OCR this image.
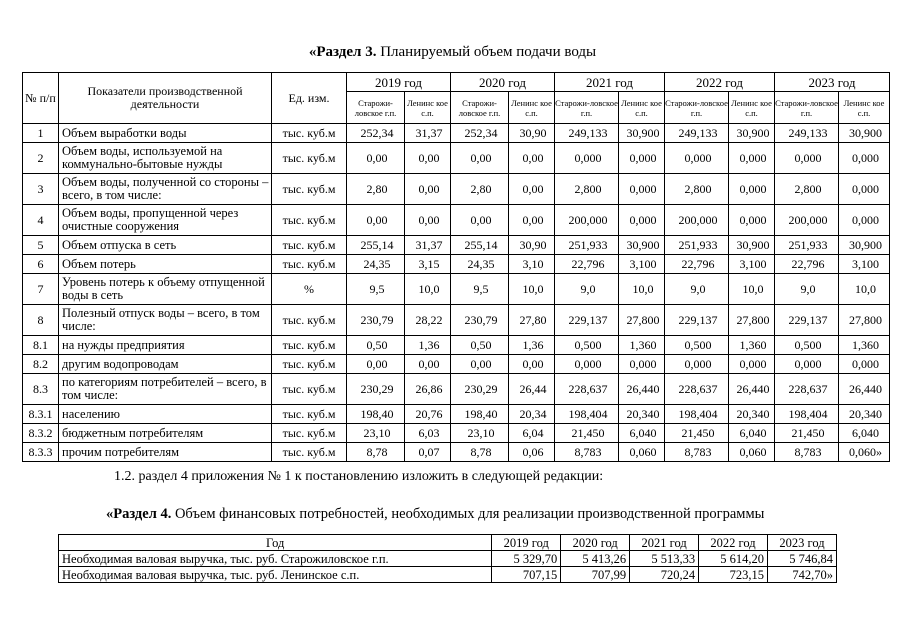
«Раздел 3. Планируемый объем подачи воды
№ п/п	Показатели производственной деятельности	Ед. изм.	2019 год		2020 год		2021 год		2022 год		2023 год	
			Старожи-ловское г.п.	Ленинс кое с.п.	Старожи-ловское г.п.	Ленинс кое с.п.	Старожи-ловское г.п.	Ленинс кое с.п.	Старожи-ловское г.п.	Ленинс кое с.п.	Старожи-ловское г.п.	Ленинс кое с.п.
1	Объем выработки воды	тыс. куб.м	252,34	31,37	252,34	30,90	249,133	30,900	249,133	30,900	249,133	30,900
2	Объем воды, используемой на коммунально-бытовые нужды	тыс. куб.м	0,00	0,00	0,00	0,00	0,000	0,000	0,000	0,000	0,000	0,000
3	Объем воды, полученной со стороны – всего, в том числе:	тыс. куб.м	2,80	0,00	2,80	0,00	2,800	0,000	2,800	0,000	2,800	0,000
4	Объем воды, пропущенной через очистные сооружения	тыс. куб.м	0,00	0,00	0,00	0,00	200,000	0,000	200,000	0,000	200,000	0,000
5	Объем отпуска в сеть	тыс. куб.м	255,14	31,37	255,14	30,90	251,933	30,900	251,933	30,900	251,933	30,900
6	Объем потерь	тыс. куб.м	24,35	3,15	24,35	3,10	22,796	3,100	22,796	3,100	22,796	3,100
7	Уровень потерь к объему отпущенной воды в сеть	%	9,5	10,0	9,5	10,0	9,0	10,0	9,0	10,0	9,0	10,0
8	Полезный отпуск воды – всего, в том числе:	тыс. куб.м	230,79	28,22	230,79	27,80	229,137	27,800	229,137	27,800	229,137	27,800
8.1	на нужды предприятия	тыс. куб.м	0,50	1,36	0,50	1,36	0,500	1,360	0,500	1,360	0,500	1,360
8.2	другим водопроводам	тыс. куб.м	0,00	0,00	0,00	0,00	0,000	0,000	0,000	0,000	0,000	0,000
8.3	по категориям потребителей – всего, в том числе:	тыс. куб.м	230,29	26,86	230,29	26,44	228,637	26,440	228,637	26,440	228,637	26,440
8.3.1	населению	тыс. куб.м	198,40	20,76	198,40	20,34	198,404	20,340	198,404	20,340	198,404	20,340
8.3.2	бюджетным потребителям	тыс. куб.м	23,10	6,03	23,10	6,04	21,450	6,040	21,450	6,040	21,450	6,040
8.3.3	прочим потребителям	тыс. куб.м	8,78	0,07	8,78	0,06	8,783	0,060	8,783	0,060	8,783	0,060»
1.2. раздел 4 приложения № 1 к постановлению изложить в следующей редакции:
«Раздел 4. Объем финансовых потребностей, необходимых для реализации производственной программы
Год	2019 год	2020 год	2021 год	2022 год	2023 год
Необходимая валовая выручка, тыс. руб. Старожиловское г.п.	5 329,70	5 413,26	5 513,33	5 614,20	5 746,84
Необходимая валовая выручка, тыс. руб. Ленинское с.п.	707,15	707,99	720,24	723,15	742,70»
